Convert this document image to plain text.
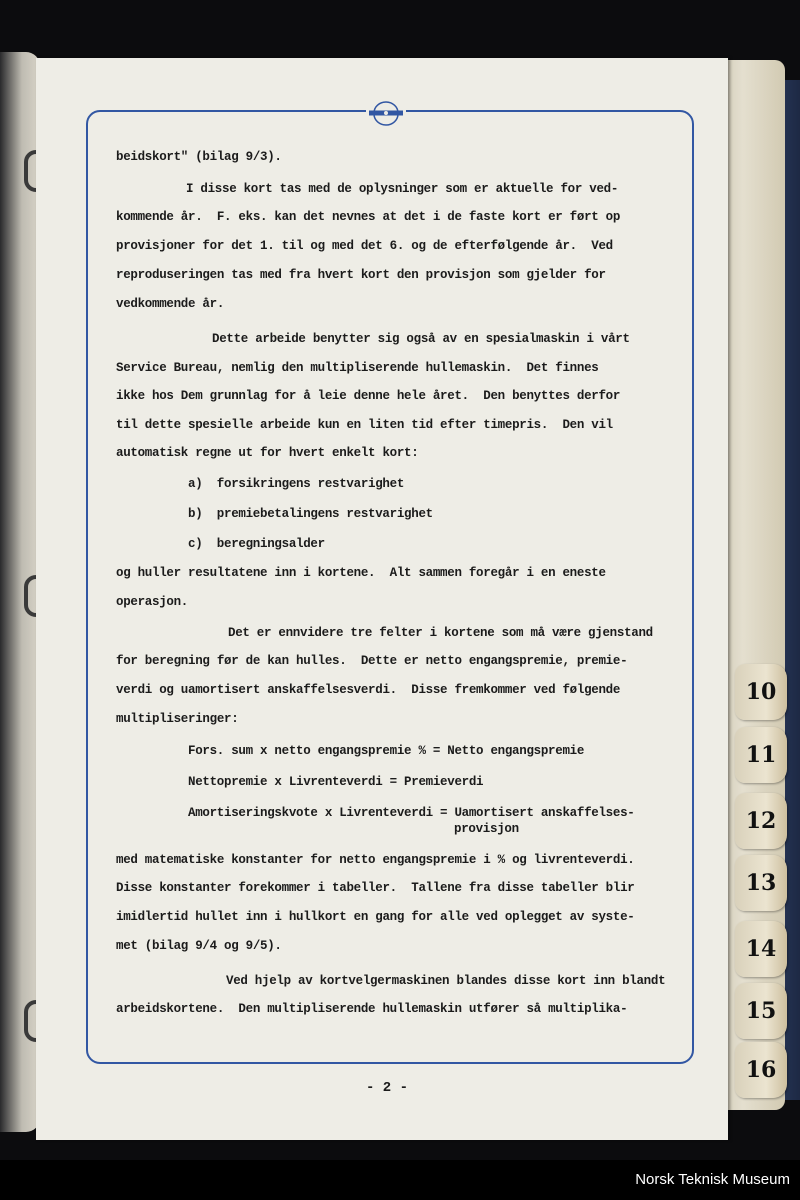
10
11
12
13
14
15
16
beidskort" (bilag 9/3).
I disse kort tas med de oplysninger som er aktuelle for ved-
kommende år.  F. eks. kan det nevnes at det i de faste kort er ført op
provisjoner for det 1. til og med det 6. og de efterfølgende år.  Ved
reproduseringen tas med fra hvert kort den provisjon som gjelder for
vedkommende år.
Dette arbeide benytter sig også av en spesialmaskin i vårt
Service Bureau, nemlig den multipliserende hullemaskin.  Det finnes
ikke hos Dem grunnlag for å leie denne hele året.  Den benyttes derfor
til dette spesielle arbeide kun en liten tid efter timepris.  Den vil
automatisk regne ut for hvert enkelt kort:
a)  forsikringens restvarighet
b)  premiebetalingens restvarighet
c)  beregningsalder
og huller resultatene inn i kortene.  Alt sammen foregår i en eneste
operasjon.
Det er ennvidere tre felter i kortene som må være gjenstand
for beregning før de kan hulles.  Dette er netto engangspremie, premie-
verdi og uamortisert anskaffelsesverdi.  Disse fremkommer ved følgende
multipliseringer:
Fors. sum x netto engangspremie % = Netto engangspremie
Nettopremie x Livrenteverdi = Premieverdi
Amortiseringskvote x Livrenteverdi = Uamortisert anskaffelses-
provisjon
med matematiske konstanter for netto engangspremie i % og livrenteverdi.
Disse konstanter forekommer i tabeller.  Tallene fra disse tabeller blir
imidlertid hullet inn i hullkort en gang for alle ved oplegget av syste-
met (bilag 9/4 og 9/5).
Ved hjelp av kortvelgermaskinen blandes disse kort inn blandt
arbeidskortene.  Den multipliserende hullemaskin utfører så multiplika-
- 2 -
Norsk Teknisk Museum
